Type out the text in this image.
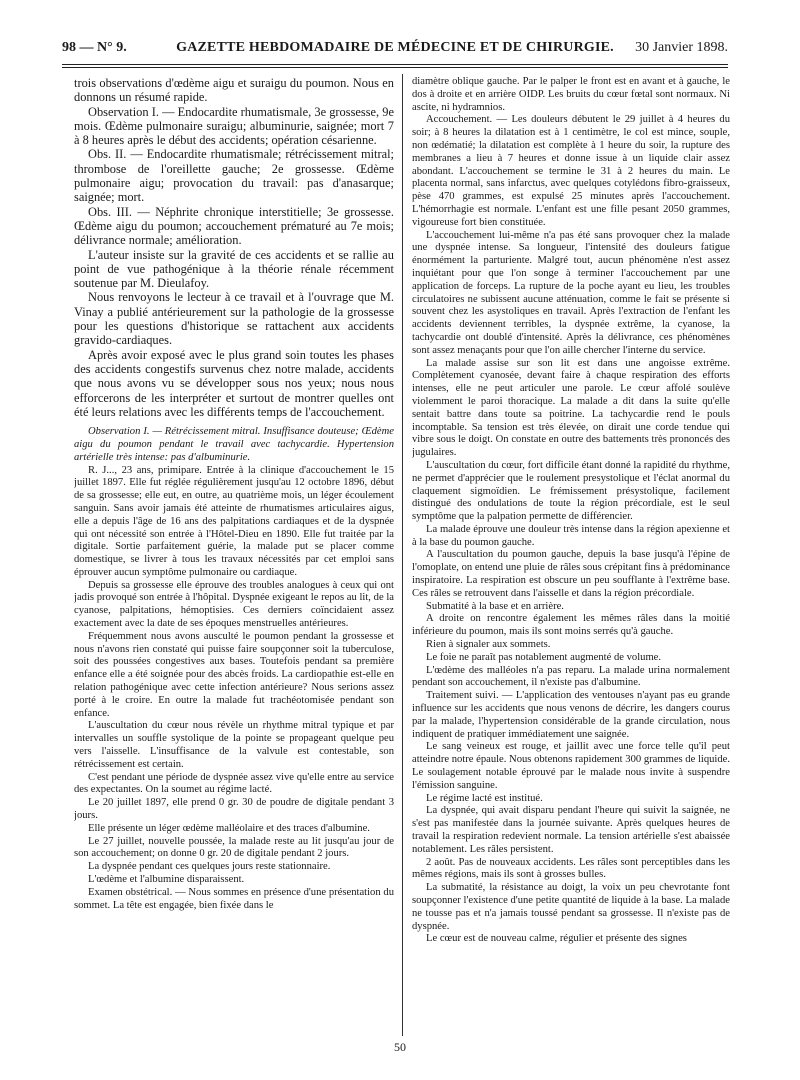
98 — N° 9.	GAZETTE HEBDOMADAIRE DE MÉDECINE ET DE CHIRURGIE.	30 Janvier 1898.

trois observations d'œdème aigu et suraigu du poumon. Nous en donnons un résumé rapide.

Observation I. — Endocardite rhumatismale, 3e grossesse, 9e mois. Œdème pulmonaire suraigu; albuminurie, saignée; mort 7 à 8 heures après le début des accidents; opération césarienne.

Obs. II. — Endocardite rhumatismale; rétrécissement mitral; thrombose de l'oreillette gauche; 2e grossesse. Œdème pulmonaire aigu; provocation du travail: pas d'anasarque; saignée; mort.

Obs. III. — Néphrite chronique interstitielle; 3e grossesse. Œdème aigu du poumon; accouchement prématuré au 7e mois; délivrance normale; amélioration.

L'auteur insiste sur la gravité de ces accidents et se rallie au point de vue pathogénique à la théorie rénale récemment soutenue par M. Dieulafoy.

Nous renvoyons le lecteur à ce travail et à l'ouvrage que M. Vinay a publié antérieurement sur la pathologie de la grossesse pour les questions d'historique se rattachent aux accidents gravido-cardiaques.

Après avoir exposé avec le plus grand soin toutes les phases des accidents congestifs survenus chez notre malade, accidents que nous avons vu se développer sous nos yeux; nous nous efforcerons de les interpréter et surtout de montrer quelles ont été leurs relations avec les différents temps de l'accouchement.

Observation I. — Rétrécissement mitral. Insuffisance douteuse; Œdème aigu du poumon pendant le travail avec tachycardie. Hypertension artérielle très intense: pas d'albuminurie.

R. J..., 23 ans, primipare. Entrée à la clinique d'accouchement le 15 juillet 1897. Elle fut réglée régulièrement jusqu'au 12 octobre 1896, début de sa grossesse; elle eut, en outre, au quatrième mois, un léger écoulement sanguin. Sans avoir jamais été atteinte de rhumatismes articulaires aigus, elle a depuis l'âge de 16 ans des palpitations cardiaques et de la dyspnée qui ont nécessité son entrée à l'Hôtel-Dieu en 1890. Elle fut traitée par la digitale. Sortie parfaitement guérie, la malade put se placer comme domestique, se livrer à tous les travaux nécessités par cet emploi sans éprouver aucun symptôme pulmonaire ou cardiaque.

Depuis sa grossesse elle éprouve des troubles analogues à ceux qui ont jadis provoqué son entrée à l'hôpital. Dyspnée exigeant le repos au lit, de la cyanose, palpitations, hémoptisies. Ces derniers coïncidaient assez exactement avec la date de ses époques menstruelles antérieures.

Fréquemment nous avons ausculté le poumon pendant la grossesse et nous n'avons rien constaté qui puisse faire soupçonner soit la tuberculose, soit des poussées congestives aux bases. Toutefois pendant sa première enfance elle a été soignée pour des abcès froids. La cardiopathie est-elle en relation pathogénique avec cette infection antérieure? Nous serions assez porté à le croire. En outre la malade fut trachéotomisée pendant son enfance.

L'auscultation du cœur nous révèle un rhythme mitral typique et par intervalles un souffle systolique de la pointe se propageant quelque peu vers l'aisselle. L'insuffisance de la valvule est contestable, son rétrécissement est certain.

C'est pendant une période de dyspnée assez vive qu'elle entre au service des expectantes. On la soumet au régime lacté.

Le 20 juillet 1897, elle prend 0 gr. 30 de poudre de digitale pendant 3 jours.

Elle présente un léger œdème malléolaire et des traces d'albumine.

Le 27 juillet, nouvelle poussée, la malade reste au lit jusqu'au jour de son accouchement; on donne 0 gr. 20 de digitale pendant 2 jours.

La dyspnée pendant ces quelques jours reste stationnaire.

L'œdème et l'albumine disparaissent.

Examen obstétrical. — Nous sommes en présence d'une présentation du sommet. La tête est engagée, bien fixée dans le

diamètre oblique gauche. Par le palper le front est en avant et à gauche, le dos à droite et en arrière OIDP. Les bruits du cœur fœtal sont normaux. Ni ascite, ni hydramnios.

Accouchement. — Les douleurs débutent le 29 juillet à 4 heures du soir; à 8 heures la dilatation est à 1 centimètre, le col est mince, souple, non œdématié; la dilatation est complète à 1 heure du soir, la rupture des membranes a lieu à 7 heures et donne issue à un liquide clair assez abondant. L'accouchement se termine le 31 à 2 heures du main. Le placenta normal, sans infarctus, avec quelques cotylédons fibro-graisseux, pèse 470 grammes, est expulsé 25 minutes après l'accouchement. L'hémorrhagie est normale. L'enfant est une fille pesant 2050 grammes, vigoureuse fort bien constituée.

L'accouchement lui-même n'a pas été sans provoquer chez la malade une dyspnée intense. Sa longueur, l'intensité des douleurs fatigue énormément la parturiente. Malgré tout, aucun phénomène n'est assez inquiétant pour que l'on songe à terminer l'accouchement par une application de forceps. La rupture de la poche ayant eu lieu, les troubles circulatoires ne subissent aucune atténuation, comme le fait se présente si souvent chez les asystoliques en travail. Après l'extraction de l'enfant les accidents deviennent terribles, la dyspnée extrême, la cyanose, la tachycardie ont doublé d'intensité. Après la délivrance, ces phénomènes sont assez menaçants pour que l'on aille chercher l'interne du service.

La malade assise sur son lit est dans une angoisse extrême. Complètement cyanosée, devant faire à chaque respiration des efforts intenses, elle ne peut articuler une parole. Le cœur affolé soulève violemment le paroi thoracique. La malade a dit dans la suite qu'elle sentait battre dans toute sa poitrine. La tachycardie rend le pouls incomptable. Sa tension est très élevée, on dirait une corde tendue qui vibre sous le doigt. On constate en outre des battements très prononcés des jugulaires.

L'auscultation du cœur, fort difficile étant donné la rapidité du rhythme, ne permet d'apprécier que le roulement presystolique et l'éclat anormal du claquement sigmoïdien. Le frémissement présystolique, facilement distingué des ondulations de toute la région précordiale, est le seul symptôme que la palpation permette de différencier.

La malade éprouve une douleur très intense dans la région apexienne et à la base du poumon gauche.

A l'auscultation du poumon gauche, depuis la base jusqu'à l'épine de l'omoplate, on entend une pluie de râles sous crépitant fins à prédominance inspiratoire. La respiration est obscure un peu soufflante à l'extrême base. Ces râles se retrouvent dans l'aisselle et dans la région précordiale.

Submatité à la base et en arrière.

A droite on rencontre également les mêmes râles dans la moitié inférieure du poumon, mais ils sont moins serrés qu'à gauche.

Rien à signaler aux sommets.

Le foie ne paraît pas notablement augmenté de volume.

L'œdème des malléoles n'a pas reparu. La malade urina normalement pendant son accouchement, il n'existe pas d'albumine.

Traitement suivi. — L'application des ventouses n'ayant pas eu grande influence sur les accidents que nous venons de décrire, les dangers courus par la malade, l'hypertension considérable de la grande circulation, nous indiquent de pratiquer immédiatement une saignée.

Le sang veineux est rouge, et jaillit avec une force telle qu'il peut atteindre notre épaule. Nous obtenons rapidement 300 grammes de liquide. Le soulagement notable éprouvé par le malade nous invite à suspendre l'émission sanguine.

Le régime lacté est institué.

La dyspnée, qui avait disparu pendant l'heure qui suivit la saignée, ne s'est pas manifestée dans la journée suivante. Après quelques heures de travail la respiration redevient normale. La tension artérielle s'est abaissée notablement. Les râles persistent.

2 août. Pas de nouveaux accidents. Les râles sont perceptibles dans les mêmes régions, mais ils sont à grosses bulles.

La submatité, la résistance au doigt, la voix un peu chevrotante font soupçonner l'existence d'une petite quantité de liquide à la base. La malade ne tousse pas et n'a jamais toussé pendant sa grossesse. Il n'existe pas de dyspnée.

Le cœur est de nouveau calme, régulier et présente des signes

50
